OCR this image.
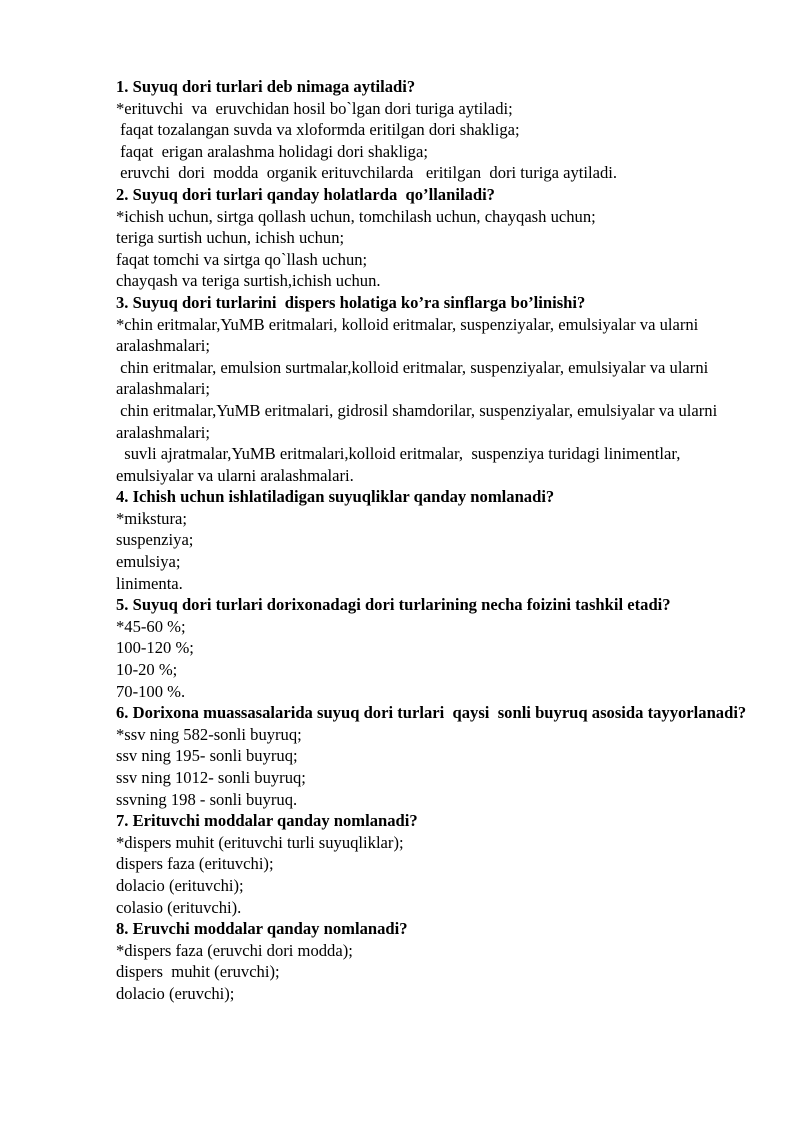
1. Suyuq dori turlari deb nimaga aytiladi?
*erituvchi  va  eruvchidan hosil bo`lgan dori turiga aytiladi;
faqat tozalangan suvda va xloformda eritilgan dori shakliga;
faqat  erigan aralashma holidagi dori shakliga;
eruvchi  dori  modda  organik erituvchilarda   eritilgan  dori turiga aytiladi.
2. Suyuq dori turlari qanday holatlarda  qo’llaniladi?
*ichish uchun, sirtga qollash uchun, tomchilash uchun, chayqash uchun;
teriga surtish uchun, ichish uchun;
faqat tomchi va sirtga qo`llash uchun;
chayqash va teriga surtish,ichish uchun.
3. Suyuq dori turlarini  dispers holatiga ko’ra sinflarga bo’linishi?
*chin eritmalar,YuMB eritmalari, kolloid eritmalar, suspenziyalar, emulsiyalar va ularni aralashmalari;
chin eritmalar, emulsion surtmalar,kolloid eritmalar, suspenziyalar, emulsiyalar va ularni aralashmalari;
chin eritmalar,YuMB eritmalari, gidrosil shamdorilar, suspenziyalar, emulsiyalar va ularni aralashmalari;
suvli ajratmalar,YuMB eritmalari,kolloid eritmalar,  suspenziya turidagi linimentlar, emulsiyalar va ularni aralashmalari.
4. Ichish uchun ishlatiladigan suyuqliklar qanday nomlanadi?
*mikstura;
suspenziya;
emulsiya;
linimenta.
5. Suyuq dori turlari dorixonadagi dori turlarining necha foizini tashkil etadi?
*45-60 %;
100-120 %;
10-20 %;
70-100 %.
6. Dorixona muassasalarida suyuq dori turlari  qaysi  sonli buyruq asosida tayyorlanadi?
*ssv ning 582-sonli buyruq;
ssv ning 195- sonli buyruq;
ssv ning 1012- sonli buyruq;
ssvning 198 - sonli buyruq.
7. Erituvchi moddalar qanday nomlanadi?
*dispers muhit (erituvchi turli suyuqliklar);
dispers faza (erituvchi);
dolacio (erituvchi);
colasio (erituvchi).
8. Eruvchi moddalar qanday nomlanadi?
*dispers faza (eruvchi dori modda);
dispers  muhit (eruvchi);
dolacio (eruvchi);
